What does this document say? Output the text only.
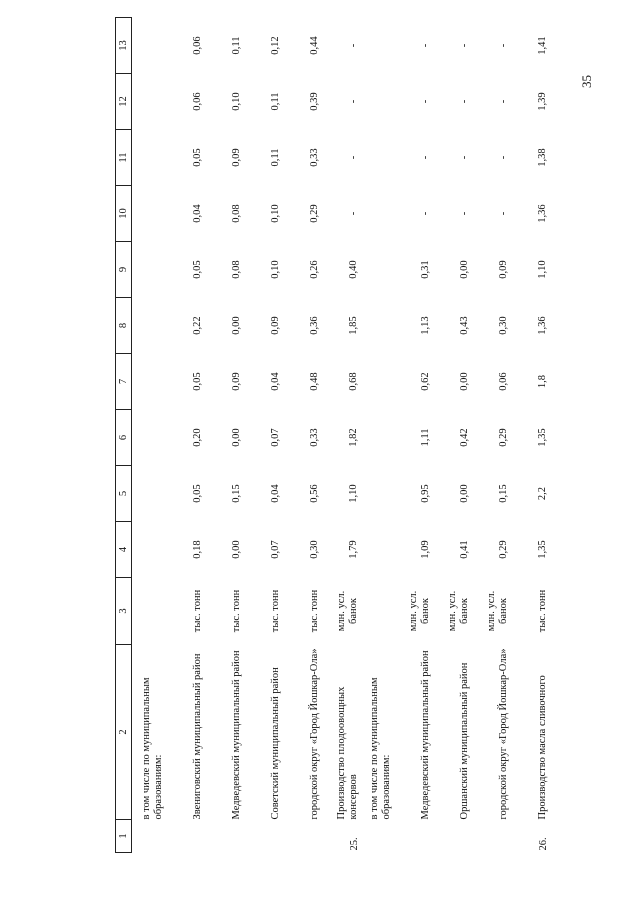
35
1	2	3	4	5	6	7	8	9	10	11	12	13
	в том числе по муниципальным образованиям:											
	Звениговский муниципальный район	тыс. тонн	0,18	0,05	0,20	0,05	0,22	0,05	0,04	0,05	0,06	0,06
	Медведевский муниципальный район	тыс. тонн	0,00	0,15	0,00	0,09	0,00	0,08	0,08	0,09	0,10	0,11
	Советский муниципальный район	тыс. тонн	0,07	0,04	0,07	0,04	0,09	0,10	0,10	0,11	0,11	0,12
	городской округ «Город Йошкар-Ола»	тыс. тонн	0,30	0,56	0,33	0,48	0,36	0,26	0,29	0,33	0,39	0,44
25.	Производство плодоовощных консервов	млн. усл. банок	1,79	1,10	1,82	0,68	1,85	0,40	-	-	-	-
	в том числе по муниципальным образованиям:											
	Медведевский муниципальный район	млн. усл. банок	1,09	0,95	1,11	0,62	1,13	0,31	-	-	-	-
	Оршанский муниципальный район	млн. усл. банок	0,41	0,00	0,42	0,00	0,43	0,00	-	-	-	-
	городской округ «Город Йошкар-Ола»	млн. усл. банок	0,29	0,15	0,29	0,06	0,30	0,09	-	-	-	-
26.	Производство масла сливочного	тыс. тонн	1,35	2,2	1,35	1,8	1,36	1,10	1,36	1,38	1,39	1,41
